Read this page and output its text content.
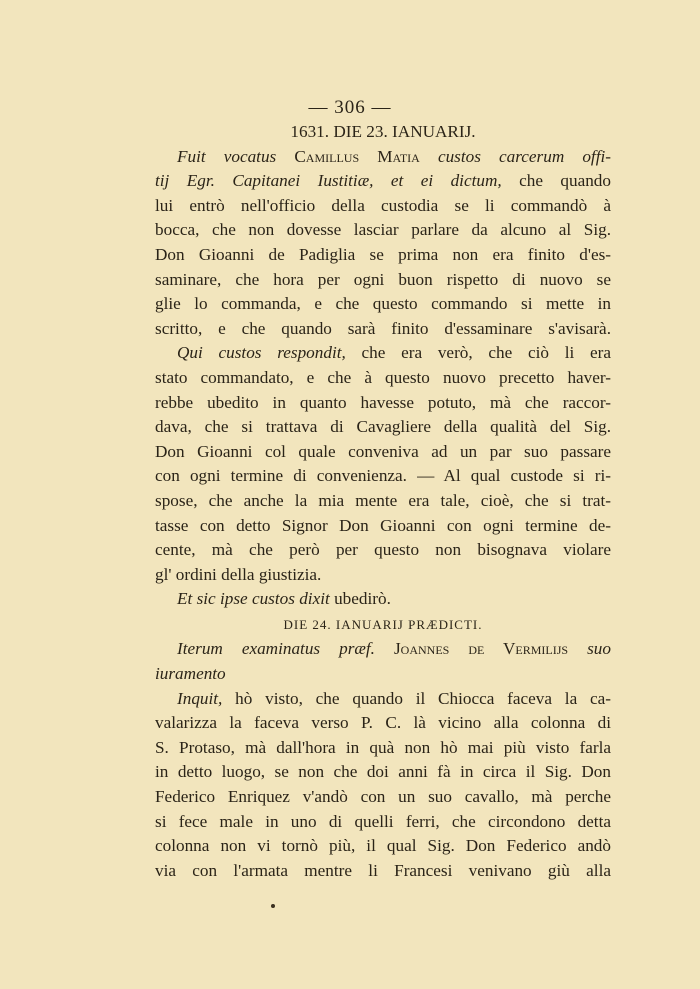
— 306 —
1631. DIE 23. IANUARIJ.
Fuit vocatus Camillus Matia custos carcerum offi-
tij Egr. Capitanei Iustitiæ, et ei dictum, che quando
lui entrò nell'officio della custodia se li commandò à
bocca, che non dovesse lasciar parlare da alcuno al Sig.
Don Gioanni de Padiglia se prima non era finito d'es-
saminare, che hora per ogni buon rispetto di nuovo se
glie lo commanda, e che questo commando si mette in
scritto, e che quando sarà finito d'essaminare s'avisarà.
Qui custos respondit, che era verò, che ciò li era
stato commandato, e che à questo nuovo precetto haver-
rebbe ubedito in quanto havesse potuto, mà che raccor-
dava, che si trattava di Cavagliere della qualità del Sig.
Don Gioanni col quale conveniva ad un par suo passare
con ogni termine di convenienza. — Al qual custode si ri-
spose, che anche la mia mente era tale, cioè, che si trat-
tasse con detto Signor Don Gioanni con ogni termine de-
cente, mà che però per questo non bisognava violare
gl' ordini della giustizia.
Et sic ipse custos dixit ubedirò.
DIE 24. IANUARIJ PRÆDICTI.
Iterum examinatus præf. Joannes de Vermilijs suo
iuramento
Inquit, hò visto, che quando il Chiocca faceva la ca-
valarizza la faceva verso P. C. là vicino alla colonna di
S. Protaso, mà dall'hora in quà non hò mai più visto farla
in detto luogo, se non che doi anni fà in circa il Sig. Don
Federico Enriquez v'andò con un suo cavallo, mà perche
si fece male in uno di quelli ferri, che circondono detta
colonna non vi tornò più, il qual Sig. Don Federico andò
via con l'armata mentre li Francesi venivano giù alla
